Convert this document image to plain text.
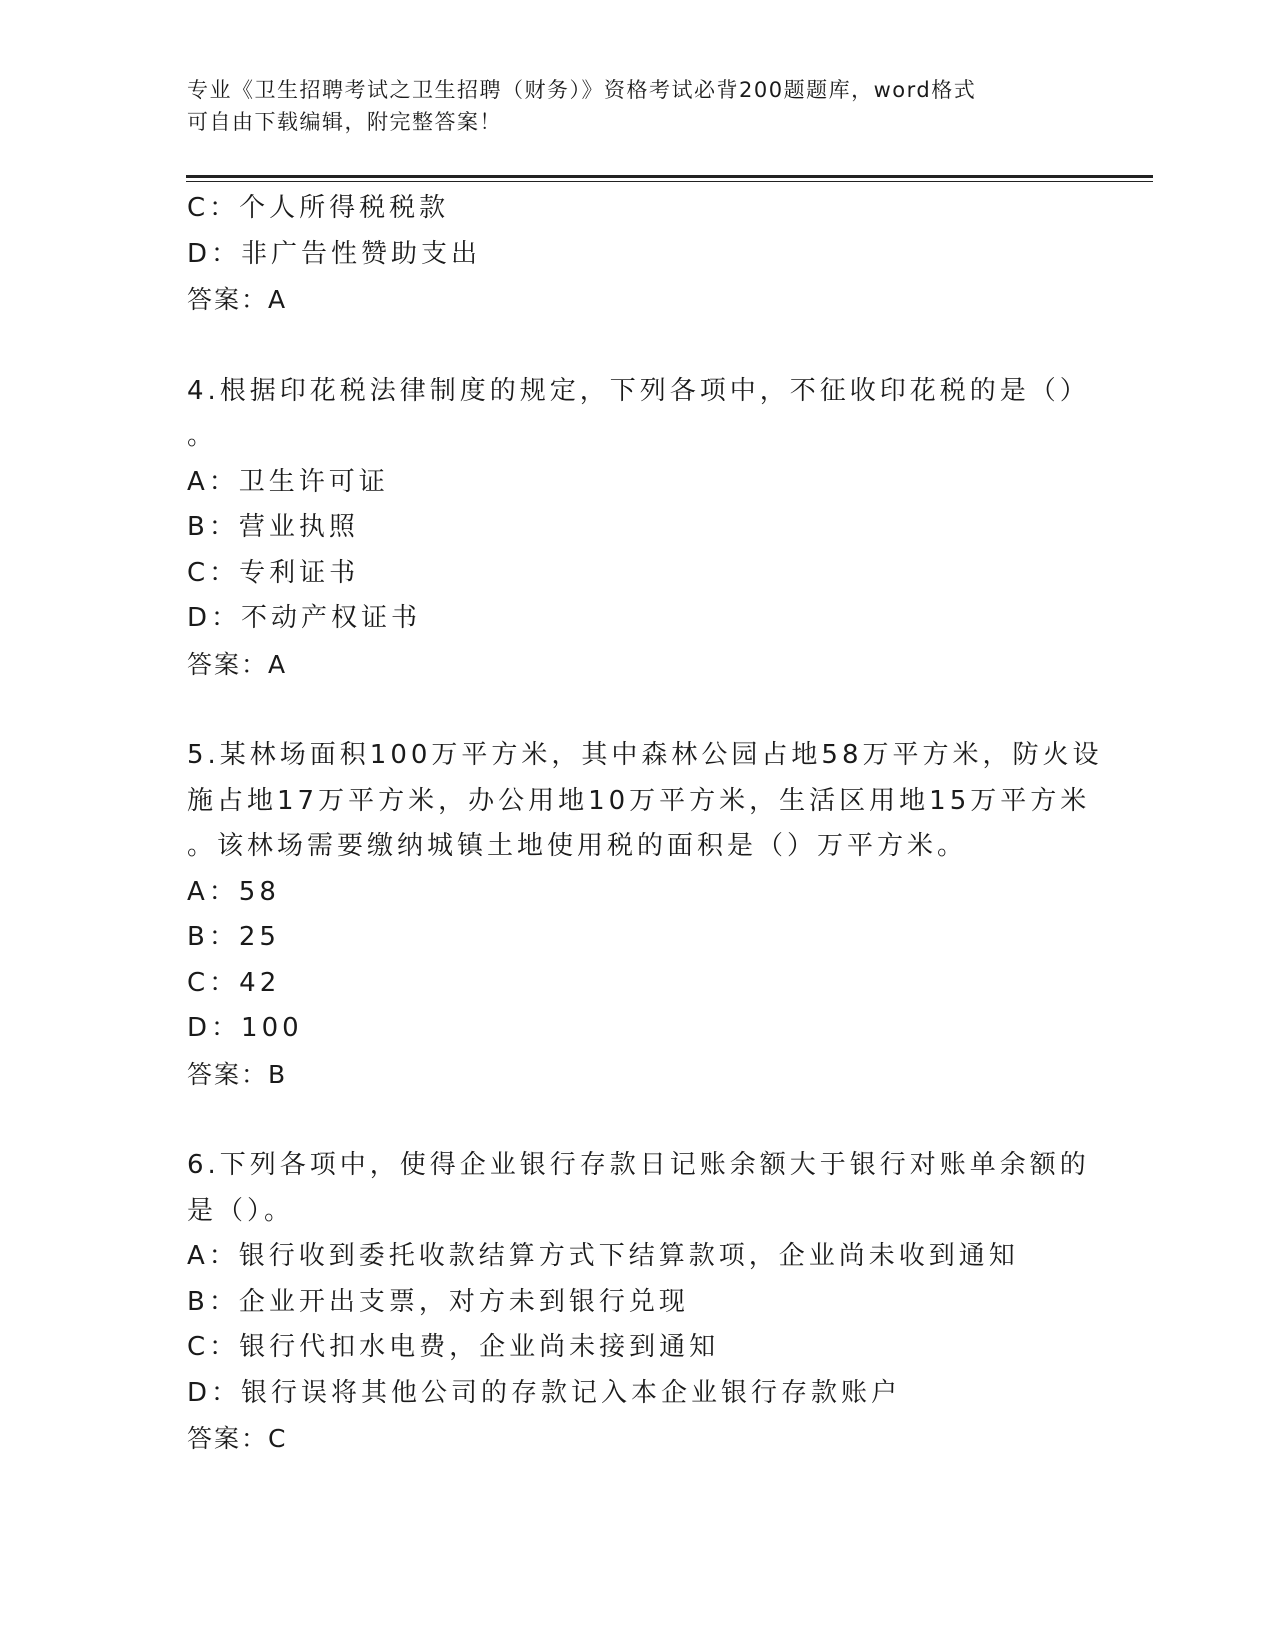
专业《卫生招聘考试之卫生招聘（财务）》资格考试必背200题题库，word格式
可自由下载编辑，附完整答案！
C：个人所得税税款
D：非广告性赞助支出
答案：A
4.根据印花税法律制度的规定，下列各项中，不征收印花税的是（）
。
A：卫生许可证
B：营业执照
C：专利证书
D：不动产权证书
答案：A
5.某林场面积100万平方米，其中森林公园占地58万平方米，防火设
施占地17万平方米，办公用地10万平方米，生活区用地15万平方米
。该林场需要缴纳城镇土地使用税的面积是（）万平方米。
A：58
B：25
C：42
D：100
答案：B
6.下列各项中，使得企业银行存款日记账余额大于银行对账单余额的
是（）。
A：银行收到委托收款结算方式下结算款项，企业尚未收到通知
B：企业开出支票，对方未到银行兑现
C：银行代扣水电费，企业尚未接到通知
D：银行误将其他公司的存款记入本企业银行存款账户
答案：C
